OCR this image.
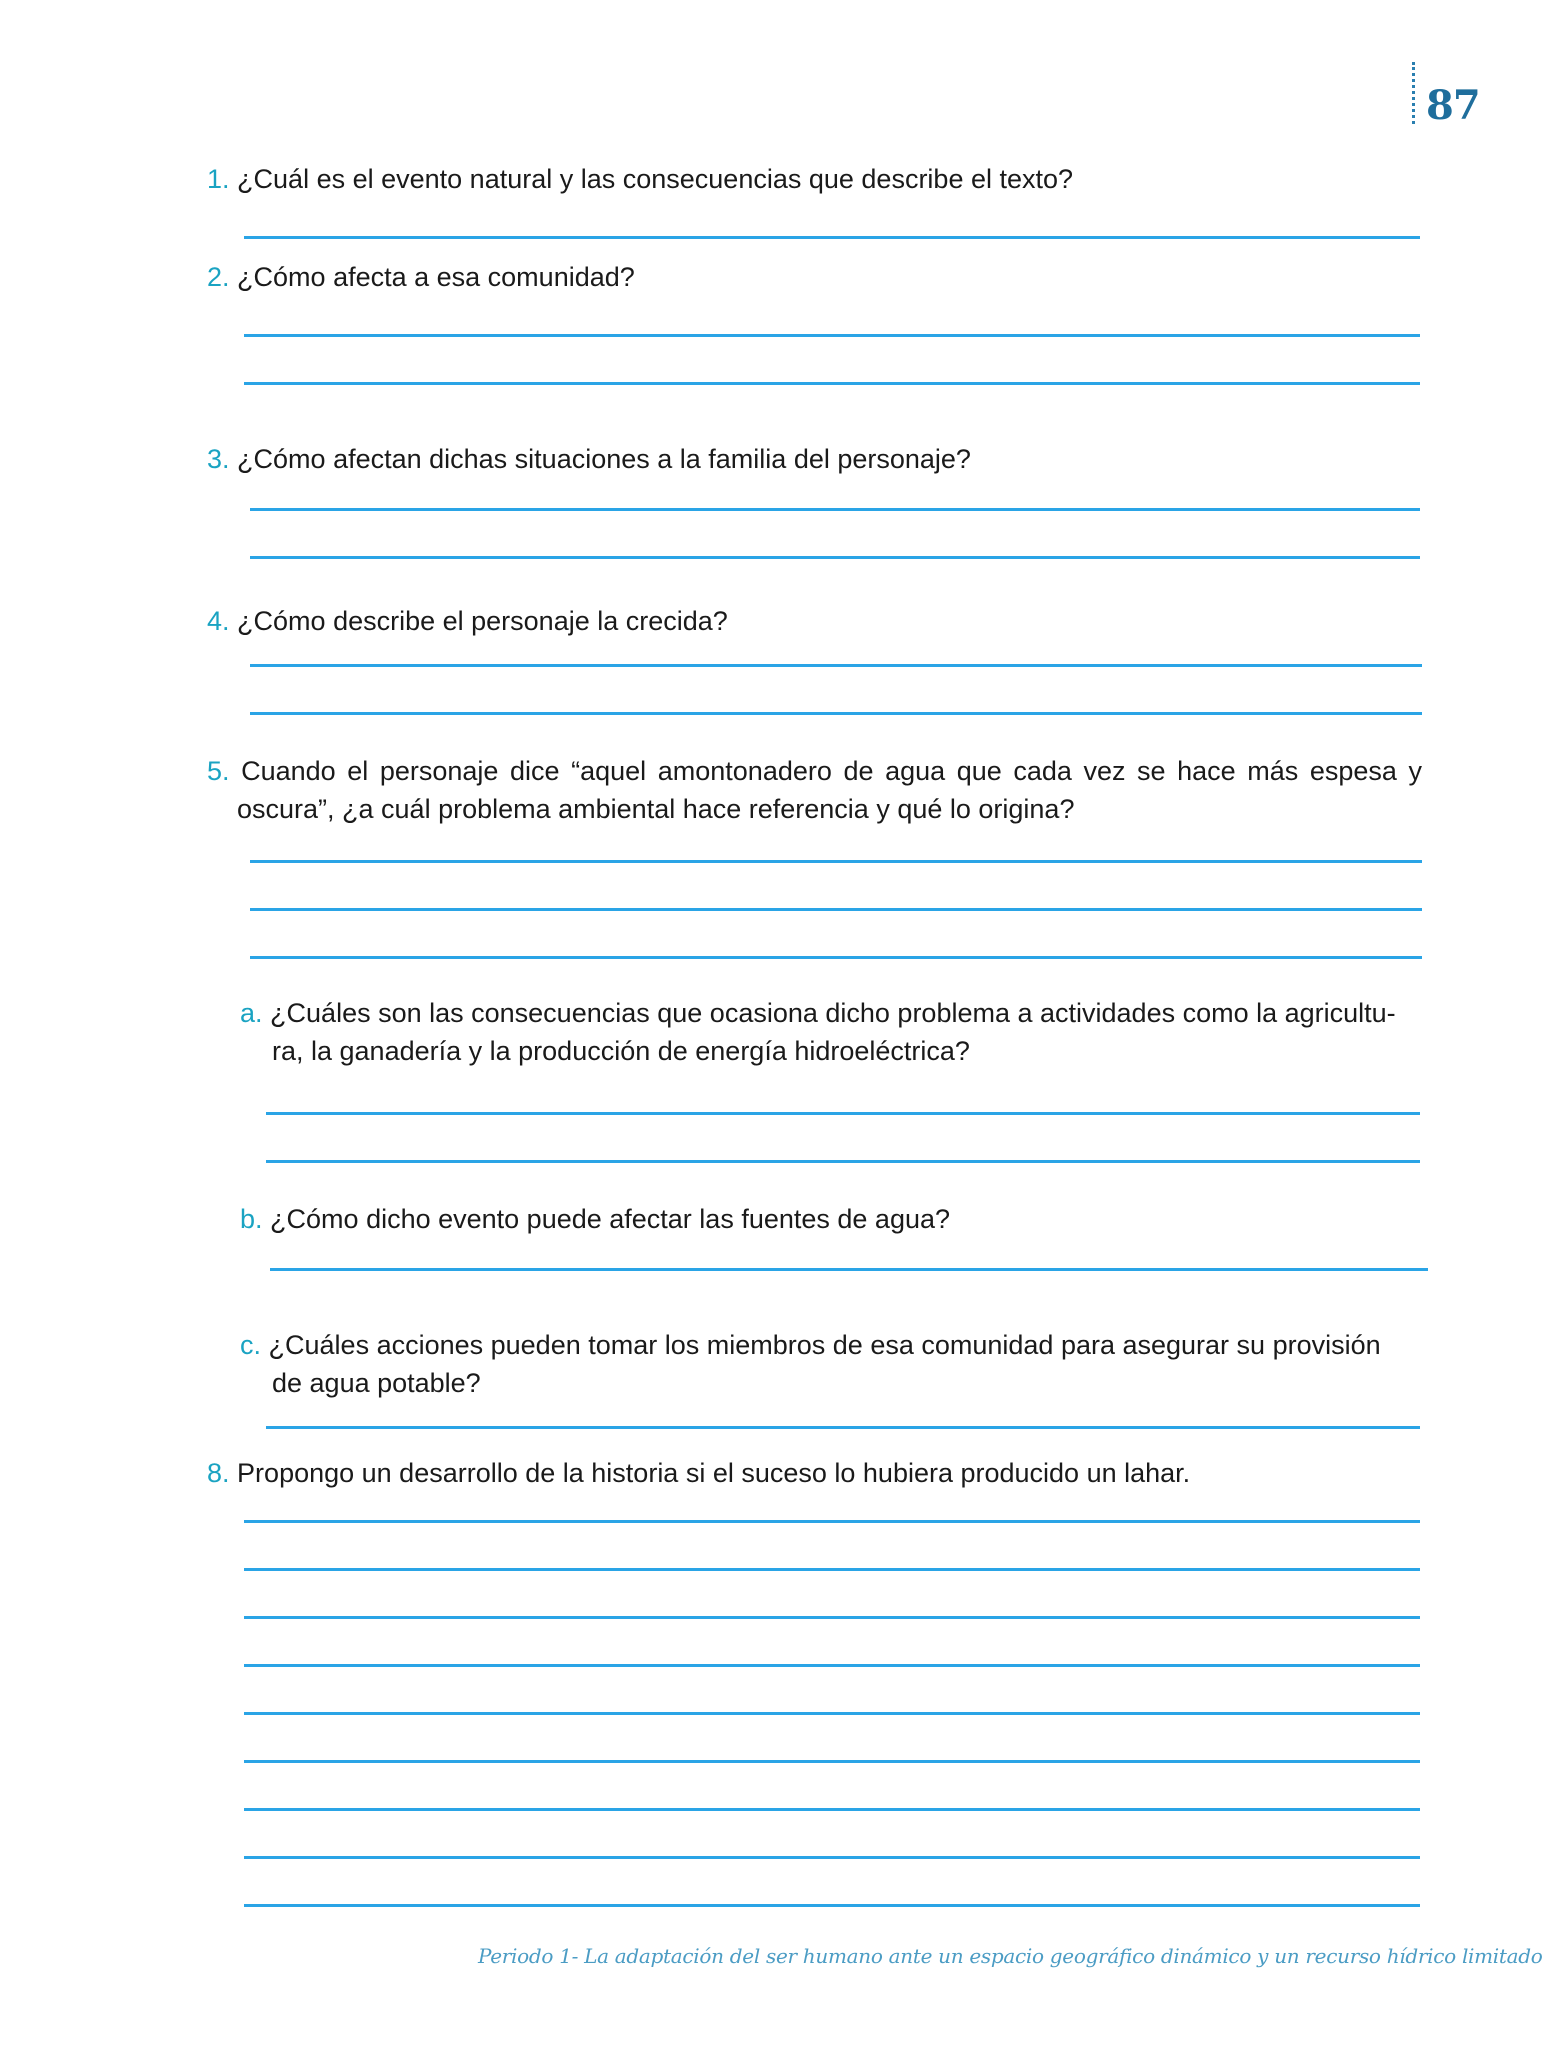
87
1. ¿Cuál es el evento natural y las consecuencias que describe el texto?
2. ¿Cómo afecta a esa comunidad?
3. ¿Cómo afectan dichas situaciones a la familia del personaje?
4. ¿Cómo describe el personaje la crecida?
5. Cuando el personaje dice “aquel amontonadero de agua que cada vez se hace más espesa y
oscura”, ¿a cuál problema ambiental hace referencia y qué lo origina?
a. ¿Cuáles son las consecuencias que ocasiona dicho problema a actividades como la agricultu-
ra, la ganadería y la producción de energía hidroeléctrica?
b. ¿Cómo dicho evento puede afectar las fuentes de agua?
c. ¿Cuáles acciones pueden tomar los miembros de esa comunidad para asegurar su provisión
de agua potable?
8. Propongo un desarrollo de la historia si el suceso lo hubiera producido un lahar.
Periodo 1- La adaptación del ser humano ante un espacio geográfico dinámico y un recurso hídrico limitado
